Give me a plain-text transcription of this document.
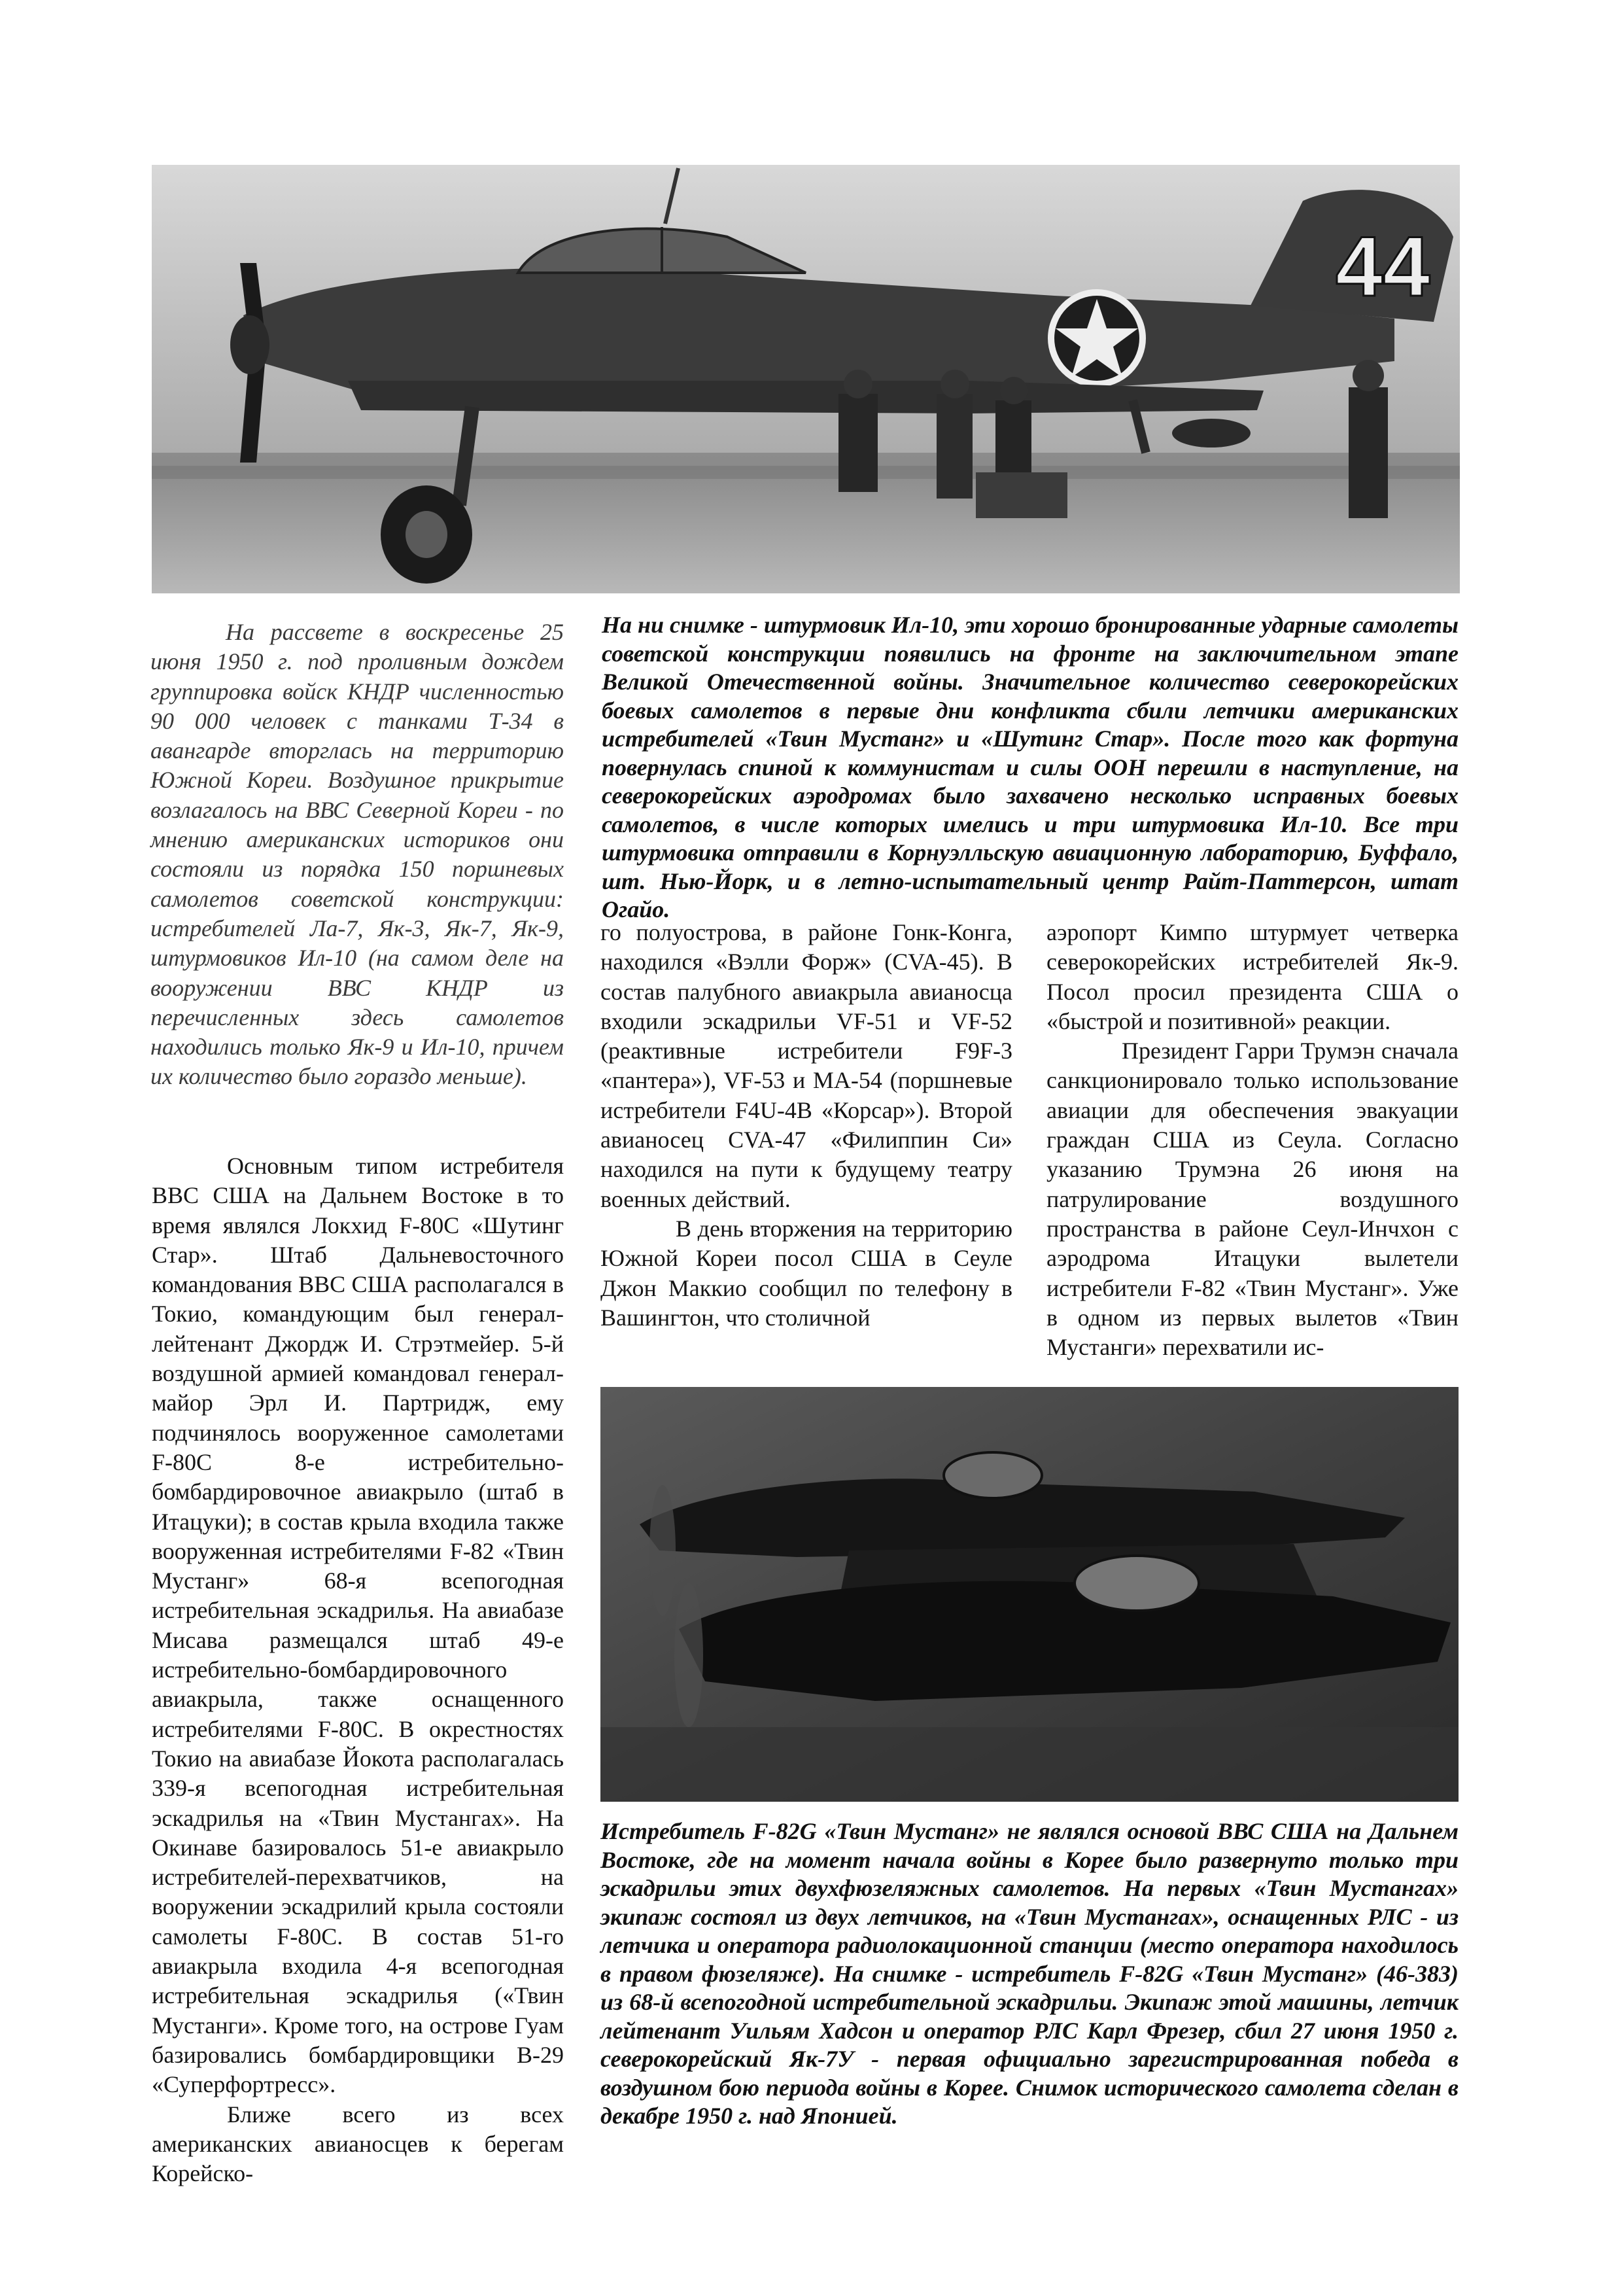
44

На рассвете в воскресенье 25 июня 1950 г. под проливным дождем группировка войск КНДР численностью 90 000 человек с танками Т-34 в авангарде вторглась на территорию Южной Кореи. Воздушное прикрытие возлагалось на ВВС Северной Кореи - по мнению американских историков они состояли из порядка 150 поршневых самолетов советской конструкции: истребителей Ла-7, Як-3, Як-7, Як-9, штурмовиков Ил-10 (на самом деле на вооружении ВВС КНДР из перечисленных здесь самолетов находились только Як-9 и Ил-10, причем их количество было гораздо меньше).

На ни снимке - штурмовик Ил-10, эти хорошо бронированные ударные самолеты советской конструкции появились на фронте на заключительном этапе Великой Отечественной войны. Значительное количество северокорейских боевых самолетов в первые дни конфликта сбили летчики американских истребителей «Твин Мустанг» и «Шутинг Стар». После того как фортуна повернулась спиной к коммунистам и силы ООН перешли в наступление, на северокорейских аэродромах было захвачено несколько исправных боевых самолетов, в числе которых имелись и три штурмовика Ил-10. Все три штурмовика отправили в Корнуэлльскую авиационную лабораторию, Буффало, шт. Нью-Йорк, и в летно-испытательный центр Райт-Паттерсон, штат Огайо.

Основным типом истребителя ВВС США на Дальнем Востоке в то время являлся Локхид F-80C «Шутинг Стар». Штаб Дальневосточного командования ВВС США располагался в Токио, командующим был генерал-лейтенант Джордж И. Стрэтмейер. 5-й воздушной армией командовал генерал-майор Эрл И. Партридж, ему подчинялось вооруженное самолетами F-80C 8-е истребительно-бомбардировочное авиакрыло (штаб в Итацуки); в состав крыла входила также вооруженная истребителями F-82 «Твин Мустанг» 68-я всепогодная истребительная эскадрилья. На авиабазе Мисава размещался штаб 49-е истребительно-бомбардировочного авиакрыла, также оснащенного истребителями F-80C. В окрестностях Токио на авиабазе Йокота располагалась 339-я всепогодная истребительная эскадрилья на «Твин Мустангах». На Окинаве базировалось 51-е авиакрыло истребителей-перехватчиков, на вооружении эскадрилий крыла состояли самолеты F-80C. В состав 51-го авиакрыла входила 4-я всепогодная истребительная эскадрилья («Твин Мустанги». Кроме того, на острове Гуам базировались бомбардировщики В-29 «Суперфортресс».

Ближе всего из всех американских авианосцев к берегам Корейско-

го полуострова, в районе Гонк-Конга, находился «Вэлли Форж» (CVA-45). В состав палубного авиакрыла авианосца входили эскадрильи VF-51 и VF-52 (реактивные истребители F9F-3 «пантера»), VF-53 и MA-54 (поршневые истребители F4U-4B «Корсар»). Второй авианосец CVA-47 «Филиппин Си» находился на пути к будущему театру военных действий.

В день вторжения на территорию Южной Кореи посол США в Сеуле Джон Маккио сообщил по телефону в Вашингтон, что столичной

аэропорт Кимпо штурмует четверка северокорейских истребителей Як-9. Посол просил президента США о «быстрой и позитивной» реакции.

Президент Гарри Трумэн сначала санкционировало только использование авиации для обеспечения эвакуации граждан США из Сеула. Согласно указанию Трумэна 26 июня на патрулирование воздушного пространства в районе Сеул-Инчхон с аэродрома Итацуки вылетели истребители F-82 «Твин Мустанг». Уже в одном из первых вылетов «Твин Мустанги» перехватили ис-

Истребитель F-82G «Твин Мустанг» не являлся основой ВВС США на Дальнем Востоке, где на момент начала войны в Корее было развернуто только три эскадрильи этих двухфюзеляжных самолетов. На первых «Твин Мустангах» экипаж состоял из двух летчиков, на «Твин Мустангах», оснащенных РЛС - из летчика и оператора радиолокационной станции (место оператора находилось в правом фюзеляже). На снимке - истребитель F-82G «Твин Мустанг» (46-383) из 68-й всепогодной истребительной эскадрильи. Экипаж этой машины, летчик лейтенант Уильям Хадсон и оператор РЛС Карл Фрезер, сбил 27 июня 1950 г. северокорейский Як-7У - первая официально зарегистрированная победа в воздушном бою периода войны в Корее. Снимок исторического самолета сделан в декабре 1950 г. над Японией.
